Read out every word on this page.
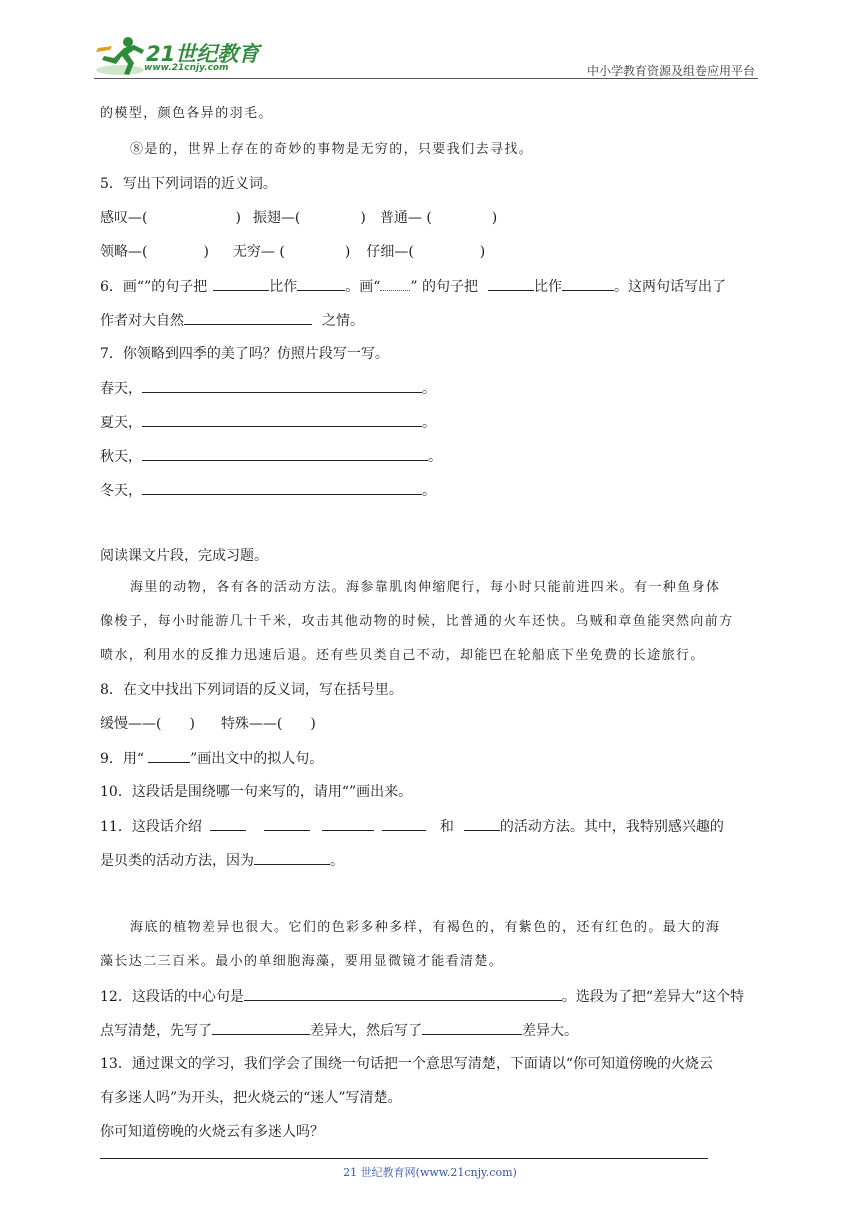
21世纪教育
www.21cnjy.com	中小学教育资源及组卷应用平台
的模型，颜色各异的羽毛。
⑧是的，世界上存在的奇妙的事物是无穷的，只要我们去寻找。
5．写出下列词语的近义词。
感叹—(	) 振翅—(	) 普通— (	)
领略—(	) 无穷— (	) 仔细—(	)
6．画“”的句子把	比作	。画“ ” 的句子把	比作	。这两句话写出了
作者对大自然	之情。
7．你领略到四季的美了吗？仿照片段写一写。
春天，	。
夏天，	。
秋天，	。
冬天，	。
阅读课文片段，完成习题。
海里的动物，各有各的活动方法。海参靠肌肉伸缩爬行，每小时只能前进四米。有一种鱼身体
像梭子，每小时能游几十千米，攻击其他动物的时候，比普通的火车还快。乌贼和章鱼能突然向前方
喷水，利用水的反推力迅速后退。还有些贝类自己不动，却能巴在轮船底下坐免费的长途旅行。
8．在文中找出下列词语的反义词，写在括号里。
缓慢——( ) 特殊——( )
9．用“	”画出文中的拟人句。
10．这段话是围绕哪一句来写的，请用“”画出来。
11．这段话介绍	和	的活动方法。其中，我特别感兴趣的
是贝类的活动方法，因为	。
海底的植物差异也很大。它们的色彩多种多样，有褐色的，有紫色的，还有红色的。最大的海
藻长达二三百米。最小的单细胞海藻，要用显微镜才能看清楚。
12．这段话的中心句是	。选段为了把“差异大”这个特
点写清楚，先写了	差异大，然后写了	差异大。
13．通过课文的学习，我们学会了围绕一句话把一个意思写清楚，下面请以“你可知道傍晚的火烧云
有多迷人吗”为开头，把火烧云的“迷人”写清楚。
你可知道傍晚的火烧云有多迷人吗？
21 世纪教育网(www.21cnjy.com)
